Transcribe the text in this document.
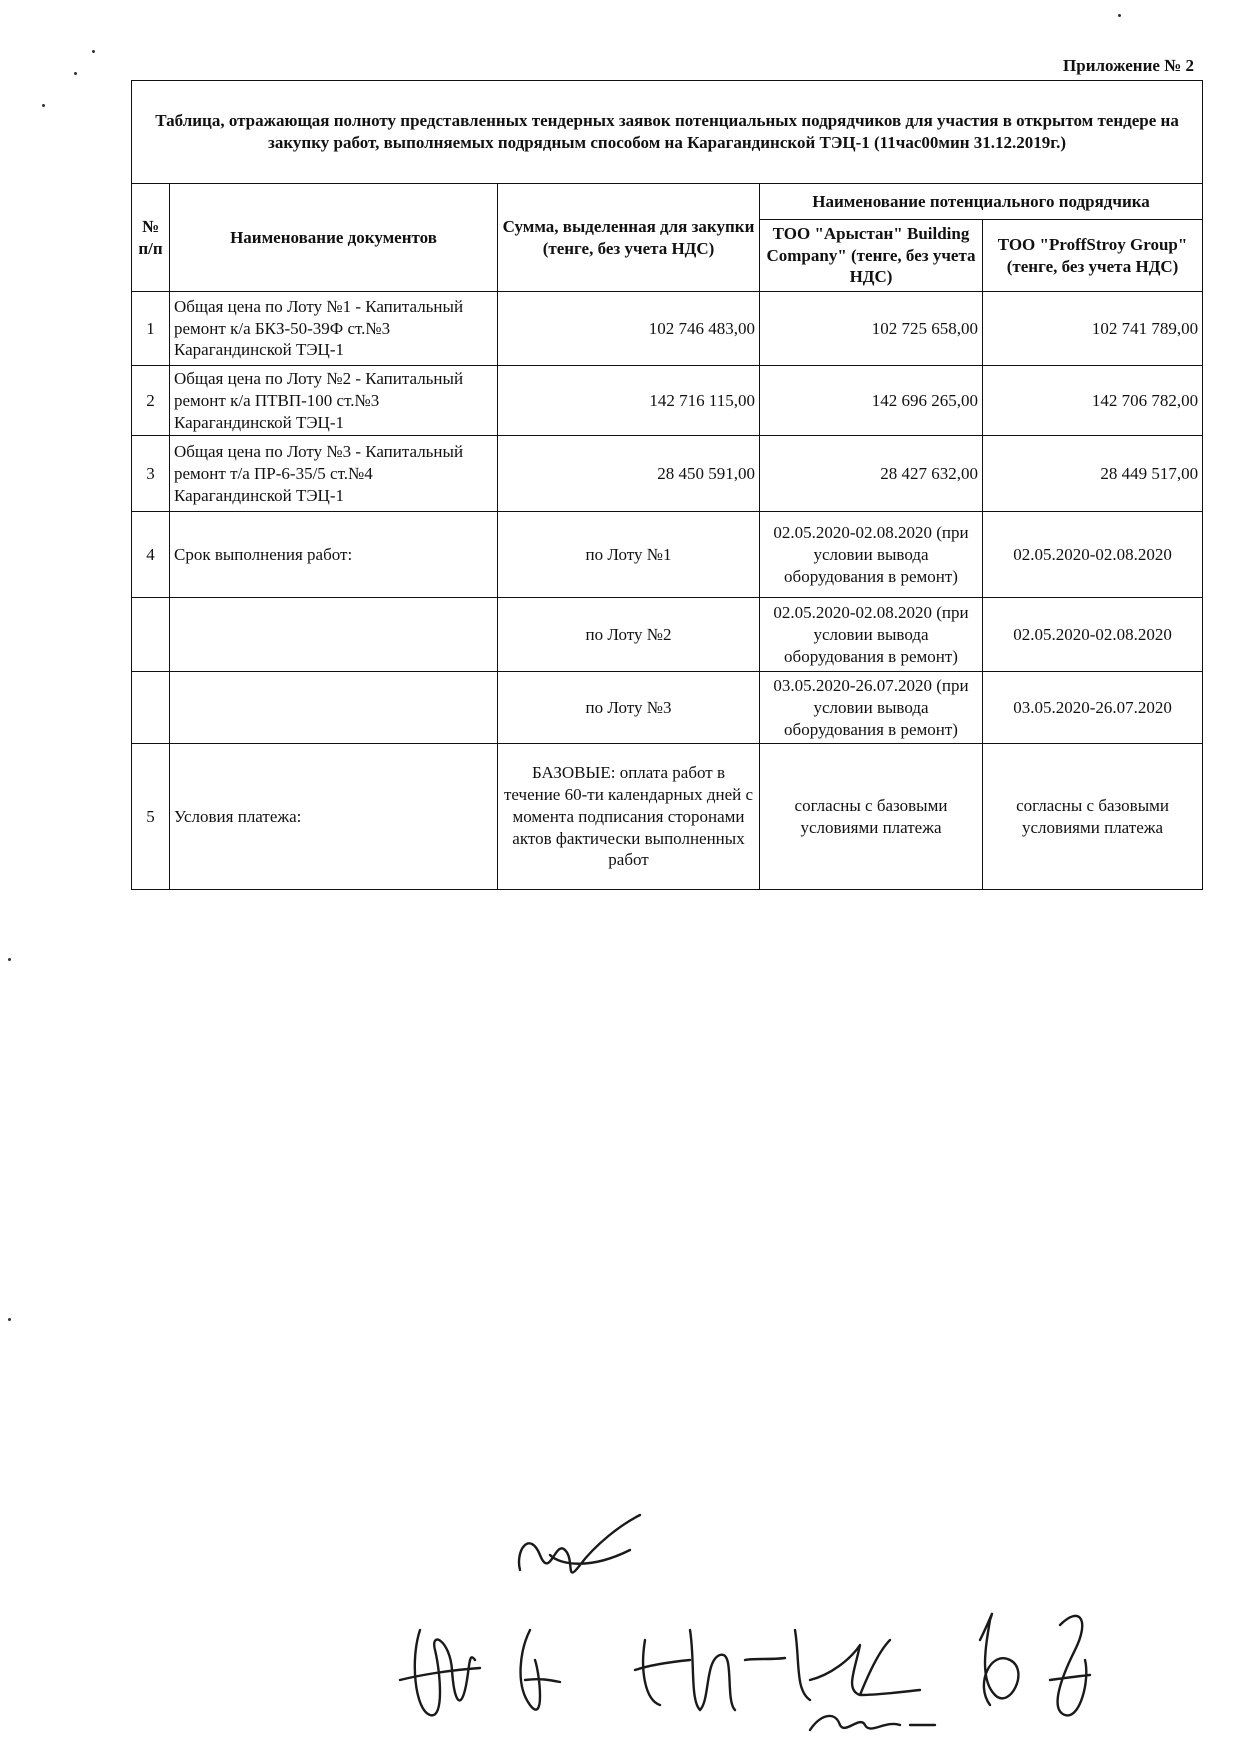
Приложение № 2
Таблица, отражающая полноту представленных тендерных заявок потенциальных подрядчиков для участия в открытом тендере на закупку работ, выполняемых подрядным способом на Карагандинской ТЭЦ-1 (11час00мин 31.12.2019г.)				
№ п/п	Наименование документов	Сумма, выделенная для закупки (тенге, без учета НДС)	Наименование потенциального подрядчика	
			ТОО "Арыстан" Building Company" (тенге, без учета НДС)	ТОО "ProffStroy Group" (тенге, без учета НДС)
1	Общая цена по Лоту №1 - Капитальный ремонт к/а БКЗ-50-39Ф ст.№3 Карагандинской ТЭЦ-1	102 746 483,00	102 725 658,00	102 741 789,00
2	Общая цена по Лоту №2 - Капитальный ремонт к/а ПТВП-100 ст.№3 Карагандинской ТЭЦ-1	142 716 115,00	142 696 265,00	142 706 782,00
3	Общая цена по Лоту №3 - Капитальный ремонт т/а ПР-6-35/5 ст.№4 Карагандинской ТЭЦ-1	28 450 591,00	28 427 632,00	28 449 517,00
4	Срок выполнения работ:	по Лоту №1	02.05.2020-02.08.2020 (при условии вывода оборудования в ремонт)	02.05.2020-02.08.2020
		по Лоту №2	02.05.2020-02.08.2020 (при условии вывода оборудования в ремонт)	02.05.2020-02.08.2020
		по Лоту №3	03.05.2020-26.07.2020 (при условии вывода оборудования в ремонт)	03.05.2020-26.07.2020
5	Условия платежа:	БАЗОВЫЕ: оплата работ в течение 60-ти календарных дней с момента подписания сторонами актов фактически выполненных работ	согласны с базовыми условиями платежа	согласны с базовыми условиями платежа
